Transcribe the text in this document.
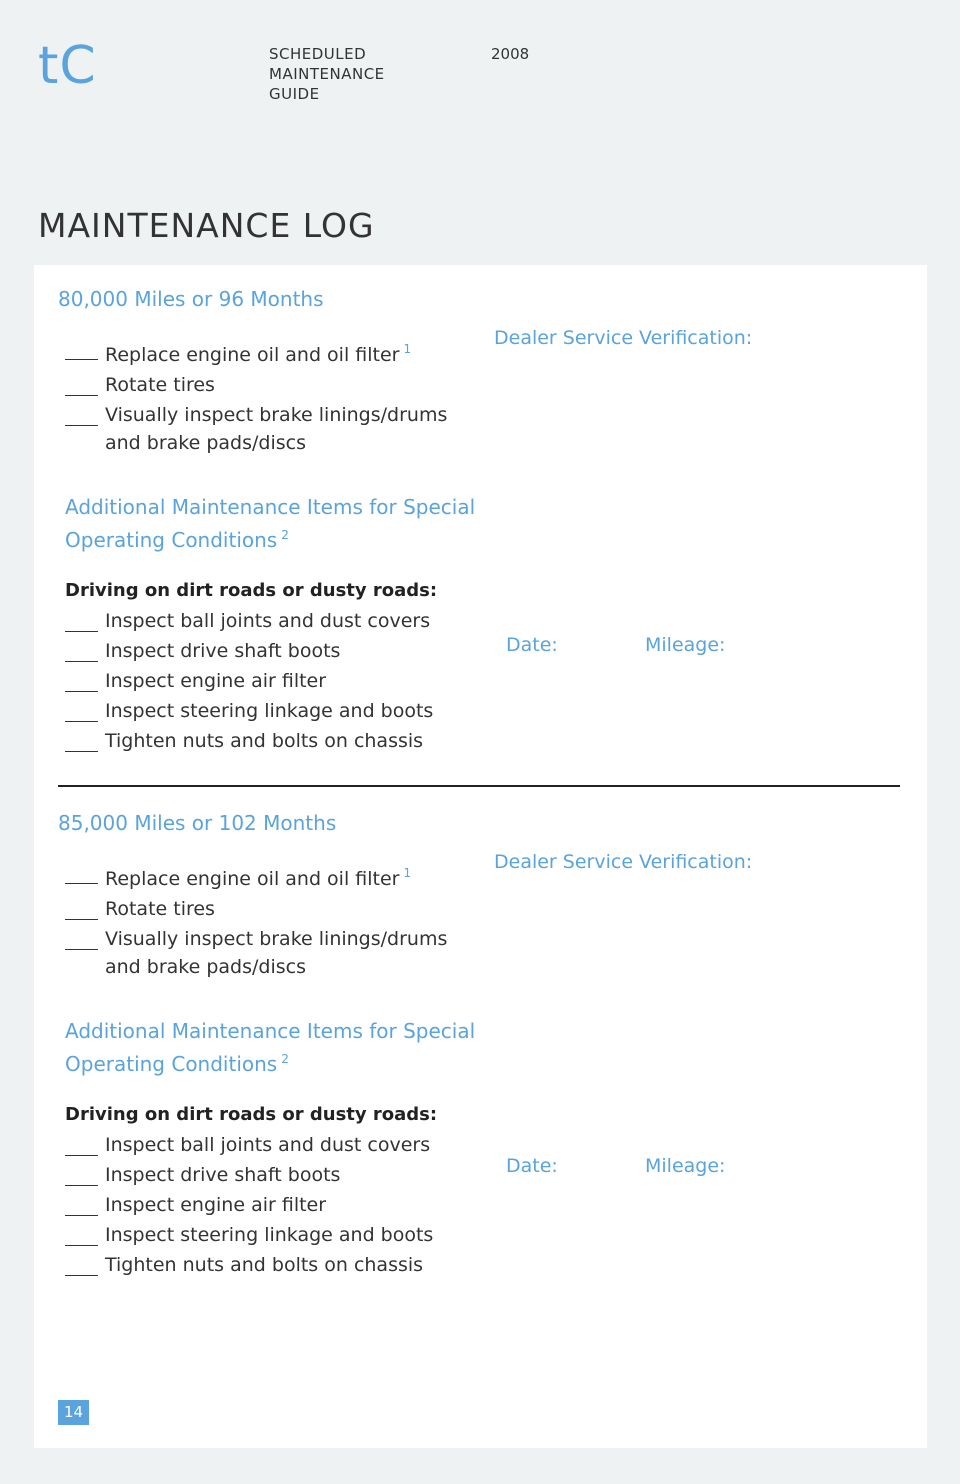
tC	SCHEDULED MAINTENANCE GUIDE
2008
MAINTENANCE LOG
80,000 Miles or 96 Months
Replace engine oil and oil filter $^1$
Rotate tires
Visually inspect brake linings/drums and brake pads/discs
Additional Maintenance Items for Special Operating Conditions $^2$
Driving on dirt roads or dusty roads:
Inspect ball joints and dust covers
Inspect drive shaft boots
Inspect engine air filter
Inspect steering linkage and boots
Tighten nuts and bolts on chassis
Dealer Service Verification:
Date:	Mileage:
85,000 Miles or 102 Months
Replace engine oil and oil filter $^1$
Rotate tires
Visually inspect brake linings/drums and brake pads/discs
Additional Maintenance Items for Special Operating Conditions $^2$
Driving on dirt roads or dusty roads:
Inspect ball joints and dust covers
Inspect drive shaft boots
Inspect engine air filter
Inspect steering linkage and boots
Tighten nuts and bolts on chassis
Dealer Service Verification:
Date:	Mileage:
14
